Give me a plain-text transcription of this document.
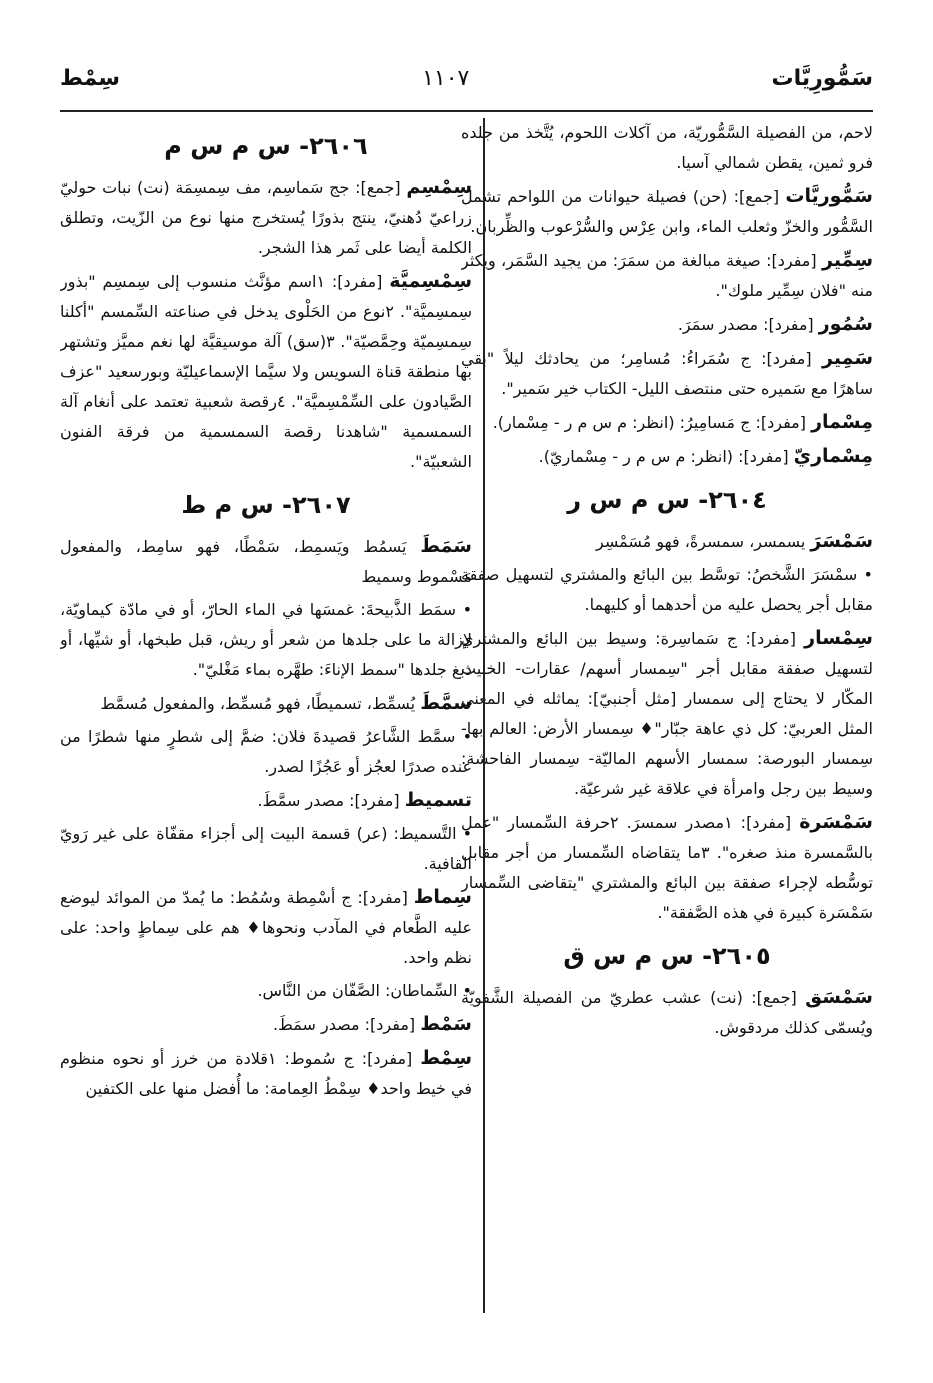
سَمُّورِيَّات
١١٠٧
سِمْط
لاحم، من الفصيلة السَّمُّوريّة، من آكلات اللحوم، يُتَّخذ من جلده فرو ثمين، يقطن شمالي آسيا.
سَمُّوريَّات [جمع]: (حن) فصيلة حيوانات من اللواحم تشمل السَّمُّور والخزّ وثعلب الماء، وابن عِرْس والسُّرْعوب والظِّربان.
سِمِّير [مفرد]: صيغة مبالغة من سمَرَ: من يجيد السَّمَر، ويكثر منه "فلان سِمِّير ملوك".
سُمُور [مفرد]: مصدر سمَرَ.
سَمِير [مفرد]: ج سُمَراءُ: مُسامِر؛ من يحادثك ليلاً "بقي ساهرًا مع سَميره حتى منتصف الليل- الكتاب خير سَمير".
مِسْمار [مفرد]: ج مَسامِيرُ: (انظر: م س م ر - مِسْمار).
مِسْماريّ [مفرد]: (انظر: م س م ر - مِسْماريّ).
٢٦٠٤- س م س ر
سَمْسَرَ يسمسر، سمسرةً، فهو مُسَمْسِر
• سمْسَرَ الشَّخصُ: توسَّط بين البائع والمشتري لتسهيل صفقة مقابل أجر يحصل عليه من أحدهما أو كليهما.
سِمْسار [مفرد]: ج سَماسِرة: وسيط بين البائع والمشتري لتسهيل صفقة مقابل أجر "سِمسار أسهم/ عقارات- الخبيث المكّار لا يحتاج إلى سمسار [مثل أجنبيّ]: يماثله في المعنى المثل العربيّ: كل ذي عاهة جبّار"♦ سِمسار الأرض: العالم بها- سِمسار البورصة: سمسار الأسهم الماليّة- سِمسار الفاحشة: وسيط بين رجل وامرأة في علاقة غير شرعيّة.
سَمْسَرة [مفرد]: ١مصدر سمسرَ. ٢حرفة السِّمسار "عمل بالسَّمسرة منذ صغره". ٣ما يتقاضاه السِّمسار من أجر مقابل توسُّطه لإجراء صفقة بين البائع والمشتري "يتقاضى السِّمسار سَمْسَرة كبيرة في هذه الصَّفقة".
٢٦٠٥- س م س ق
سَمْسَق [جمع]: (نت) عشب عطريّ من الفصيلة الشَّفويّة ويُسمّى كذلك مردقوش.
٢٦٠٦- س م س م
سِمْسِم [جمع]: جج سَماسِم، مف سِمسِمَة (نت) نبات حوليّ زراعيّ دُهنيّ، ينتج بذورًا يُستخرج منها نوع من الزّيت، وتطلق الكلمة أيضا على ثَمر هذا الشجر.
سِمْسِميَّة [مفرد]: ١اسم مؤنَّث منسوب إلى سِمسِم "بذور سِمسِميَّة". ٢نوع من الحَلْوى يدخل في صناعته السِّمسم "أكلنا سِمسِميّة وحِمَّصيّة". ٣(سق) آلة موسيقيَّة لها نغم مميَّز وتشتهر بها منطقة قناة السويس ولا سيَّما الإسماعيليّة وبورسعيد "عزف الصَّيادون على السِّمْسِميَّة". ٤رقصة شعبية تعتمد على أنغام آلة السمسمية "شاهدنا رقصة السمسمية من فرقة الفنون الشعبيّة".
٢٦٠٧- س م ط
سَمَطَ يَسمُط ويَسمِط، سَمْطًا، فهو سامِط، والمفعول مَسْموط وسميط
• سمَط الذَّبيحةَ: غمسَها في الماء الحارّ، أو في مادّة كيماويّة، لإزالة ما على جلدها من شعر أو ريش، قبل طبخها، أو شيِّها، أو دبغ جلدها "سمط الإناءَ: طهَّره بماء مَغْليّ".
سمَّطَ يُسمِّط، تسميطًا، فهو مُسمِّط، والمفعول مُسمَّط
• سمَّط الشَّاعرُ قصيدةَ فلان: ضمَّ إلى شطرٍ منها شطرًا من عنده صدرًا لعجُز أو عَجُزًا لصدر.
تسميط [مفرد]: مصدر سمَّطَ.
• التَّسميط: (عر) قسمة البيت إلى أجزاء مقفّاة على غير رَويّ القافية.
سِماط [مفرد]: ج أسْمِطة وسُمُط: ما يُمدّ من الموائد ليوضع عليه الطَّعام في المآدب ونحوها♦ هم على سِماطٍ واحد: على نظم واحد.
• السِّماطان: الصَّفّان من النَّاس.
سَمْط [مفرد]: مصدر سمَطَ.
سِمْط [مفرد]: ج سُموط: ١قلادة من خرز أو نحوه منظوم في خيط واحد♦ سِمْطُ العِمامة: ما أُفضل منها على الكتفين
